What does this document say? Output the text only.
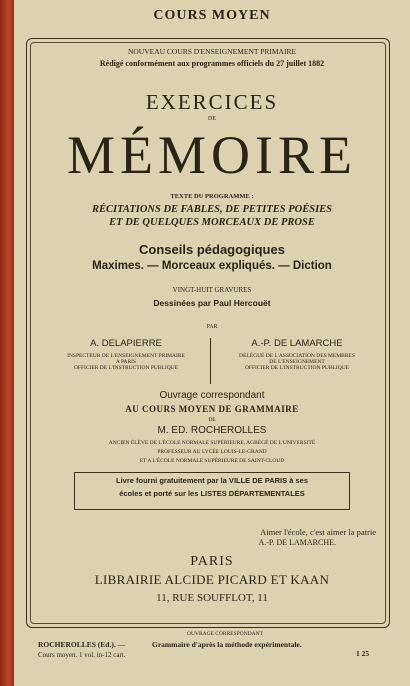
COURS MOYEN
NOUVEAU COURS D'ENSEIGNEMENT PRIMAIRE
Rédigé conformément aux programmes officiels du 27 juillet 1882
EXERCICES
DE
MÉMOIRE
TEXTE DU PROGRAMME :
RÉCITATIONS DE FABLES, DE PETITES POÉSIES
ET DE QUELQUES MORCEAUX DE PROSE
Conseils pédagogiques
Maximes. — Morceaux expliqués. — Diction
VINGT-HUIT GRAVURES
Dessinées par Paul Hercouët
PAR
A. DELAPIERRE
INSPECTEUR DE L'ENSEIGNEMENT PRIMAIRE
A PARIS
OFFICIER DE L'INSTRUCTION PUBLIQUE
A.-P. DE LAMARCHE
DÉLÉGUÉ DE L'ASSOCIATION DES MEMBRES
DE L'ENSEIGNEMENT
OFFICIER DE L'INSTRUCTION PUBLIQUE
Ouvrage correspondant
AU COURS MOYEN DE GRAMMAIRE
DE
M. ED. ROCHEROLLES
ANCIEN ÉLÈVE DE L'ÉCOLE NORMALE SUPÉRIEURE, AGRÉGÉ DE L'UNIVERSITÉ
PROFESSEUR AU LYCÉE LOUIS-LE-GRAND
ET A L'ÉCOLE NORMALE SUPÉRIEURE DE SAINT-CLOUD
Livre fourni gratuitement par la VILLE DE PARIS à ses
écoles et porté sur les LISTES DÉPARTEMENTALES
Aimer l'école, c'est aimer la patrie
A.-P. DE LAMARCHE.
PARIS
LIBRAIRIE ALCIDE PICARD ET KAAN
11, RUE SOUFFLOT, 11
OUVRAGE CORRESPONDANT
ROCHEROLLES (Ed.). —	Grammaire d'après la méthode expérimentale.
Cours moyen. 1 vol. in-12 cart.	1 25
